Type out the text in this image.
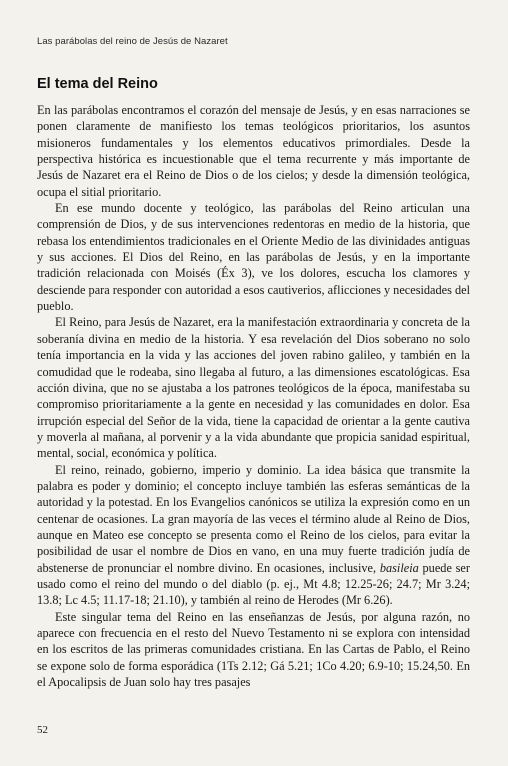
Las parábolas del reino de Jesús de Nazaret
El tema del Reino

En las parábolas encontramos el corazón del mensaje de Jesús, y en esas narraciones se ponen claramente de manifiesto los temas teológicos prioritarios, los asuntos misioneros fundamentales y los elementos educativos primordiales. Desde la perspectiva histórica es incuestionable que el tema recurrente y más importante de Jesús de Nazaret era el Reino de Dios o de los cielos; y desde la dimensión teológica, ocupa el sitial prioritario.

En ese mundo docente y teológico, las parábolas del Reino articulan una comprensión de Dios, y de sus intervenciones redentoras en medio de la historia, que rebasa los entendimientos tradicionales en el Oriente Medio de las divinidades antiguas y sus acciones. El Dios del Reino, en las parábolas de Jesús, y en la importante tradición relacionada con Moisés (Éx 3), ve los dolores, escucha los clamores y desciende para responder con autoridad a esos cautiverios, aflicciones y necesidades del pueblo.

El Reino, para Jesús de Nazaret, era la manifestación extraordinaria y concreta de la soberanía divina en medio de la historia. Y esa revelación del Dios soberano no solo tenía importancia en la vida y las acciones del joven rabino galileo, y también en la comudidad que le rodeaba, sino llegaba al futuro, a las dimensiones escatológicas. Esa acción divina, que no se ajustaba a los patrones teológicos de la época, manifestaba su compromiso prioritariamente a la gente en necesidad y las comunidades en dolor. Esa irrupción especial del Señor de la vida, tiene la capacidad de orientar a la gente cautiva y moverla al mañana, al porvenir y a la vida abundante que propicia sanidad espiritual, mental, social, económica y política.

El reino, reinado, gobierno, imperio y dominio. La idea básica que transmite la palabra es poder y dominio; el concepto incluye también las esferas semánticas de la autoridad y la potestad. En los Evangelios canónicos se utiliza la expresión como en un centenar de ocasiones. La gran mayoría de las veces el término alude al Reino de Dios, aunque en Mateo ese concepto se presenta como el Reino de los cielos, para evitar la posibilidad de usar el nombre de Dios en vano, en una muy fuerte tradición judía de abstenerse de pronunciar el nombre divino. En ocasiones, inclusive, basileia puede ser usado como el reino del mundo o del diablo (p. ej., Mt 4.8; 12.25-26; 24.7; Mr 3.24; 13.8; Lc 4.5; 11.17-18; 21.10), y también al reino de Herodes (Mr 6.26).

Este singular tema del Reino en las enseñanzas de Jesús, por alguna razón, no aparece con frecuencia en el resto del Nuevo Testamento ni se explora con intensidad en los escritos de las primeras comunidades cristiana. En las Cartas de Pablo, el Reino se expone solo de forma esporádica (1Ts 2.12; Gá 5.21; 1Co 4.20; 6.9-10; 15.24,50. En el Apocalipsis de Juan solo hay tres pasajes

52
